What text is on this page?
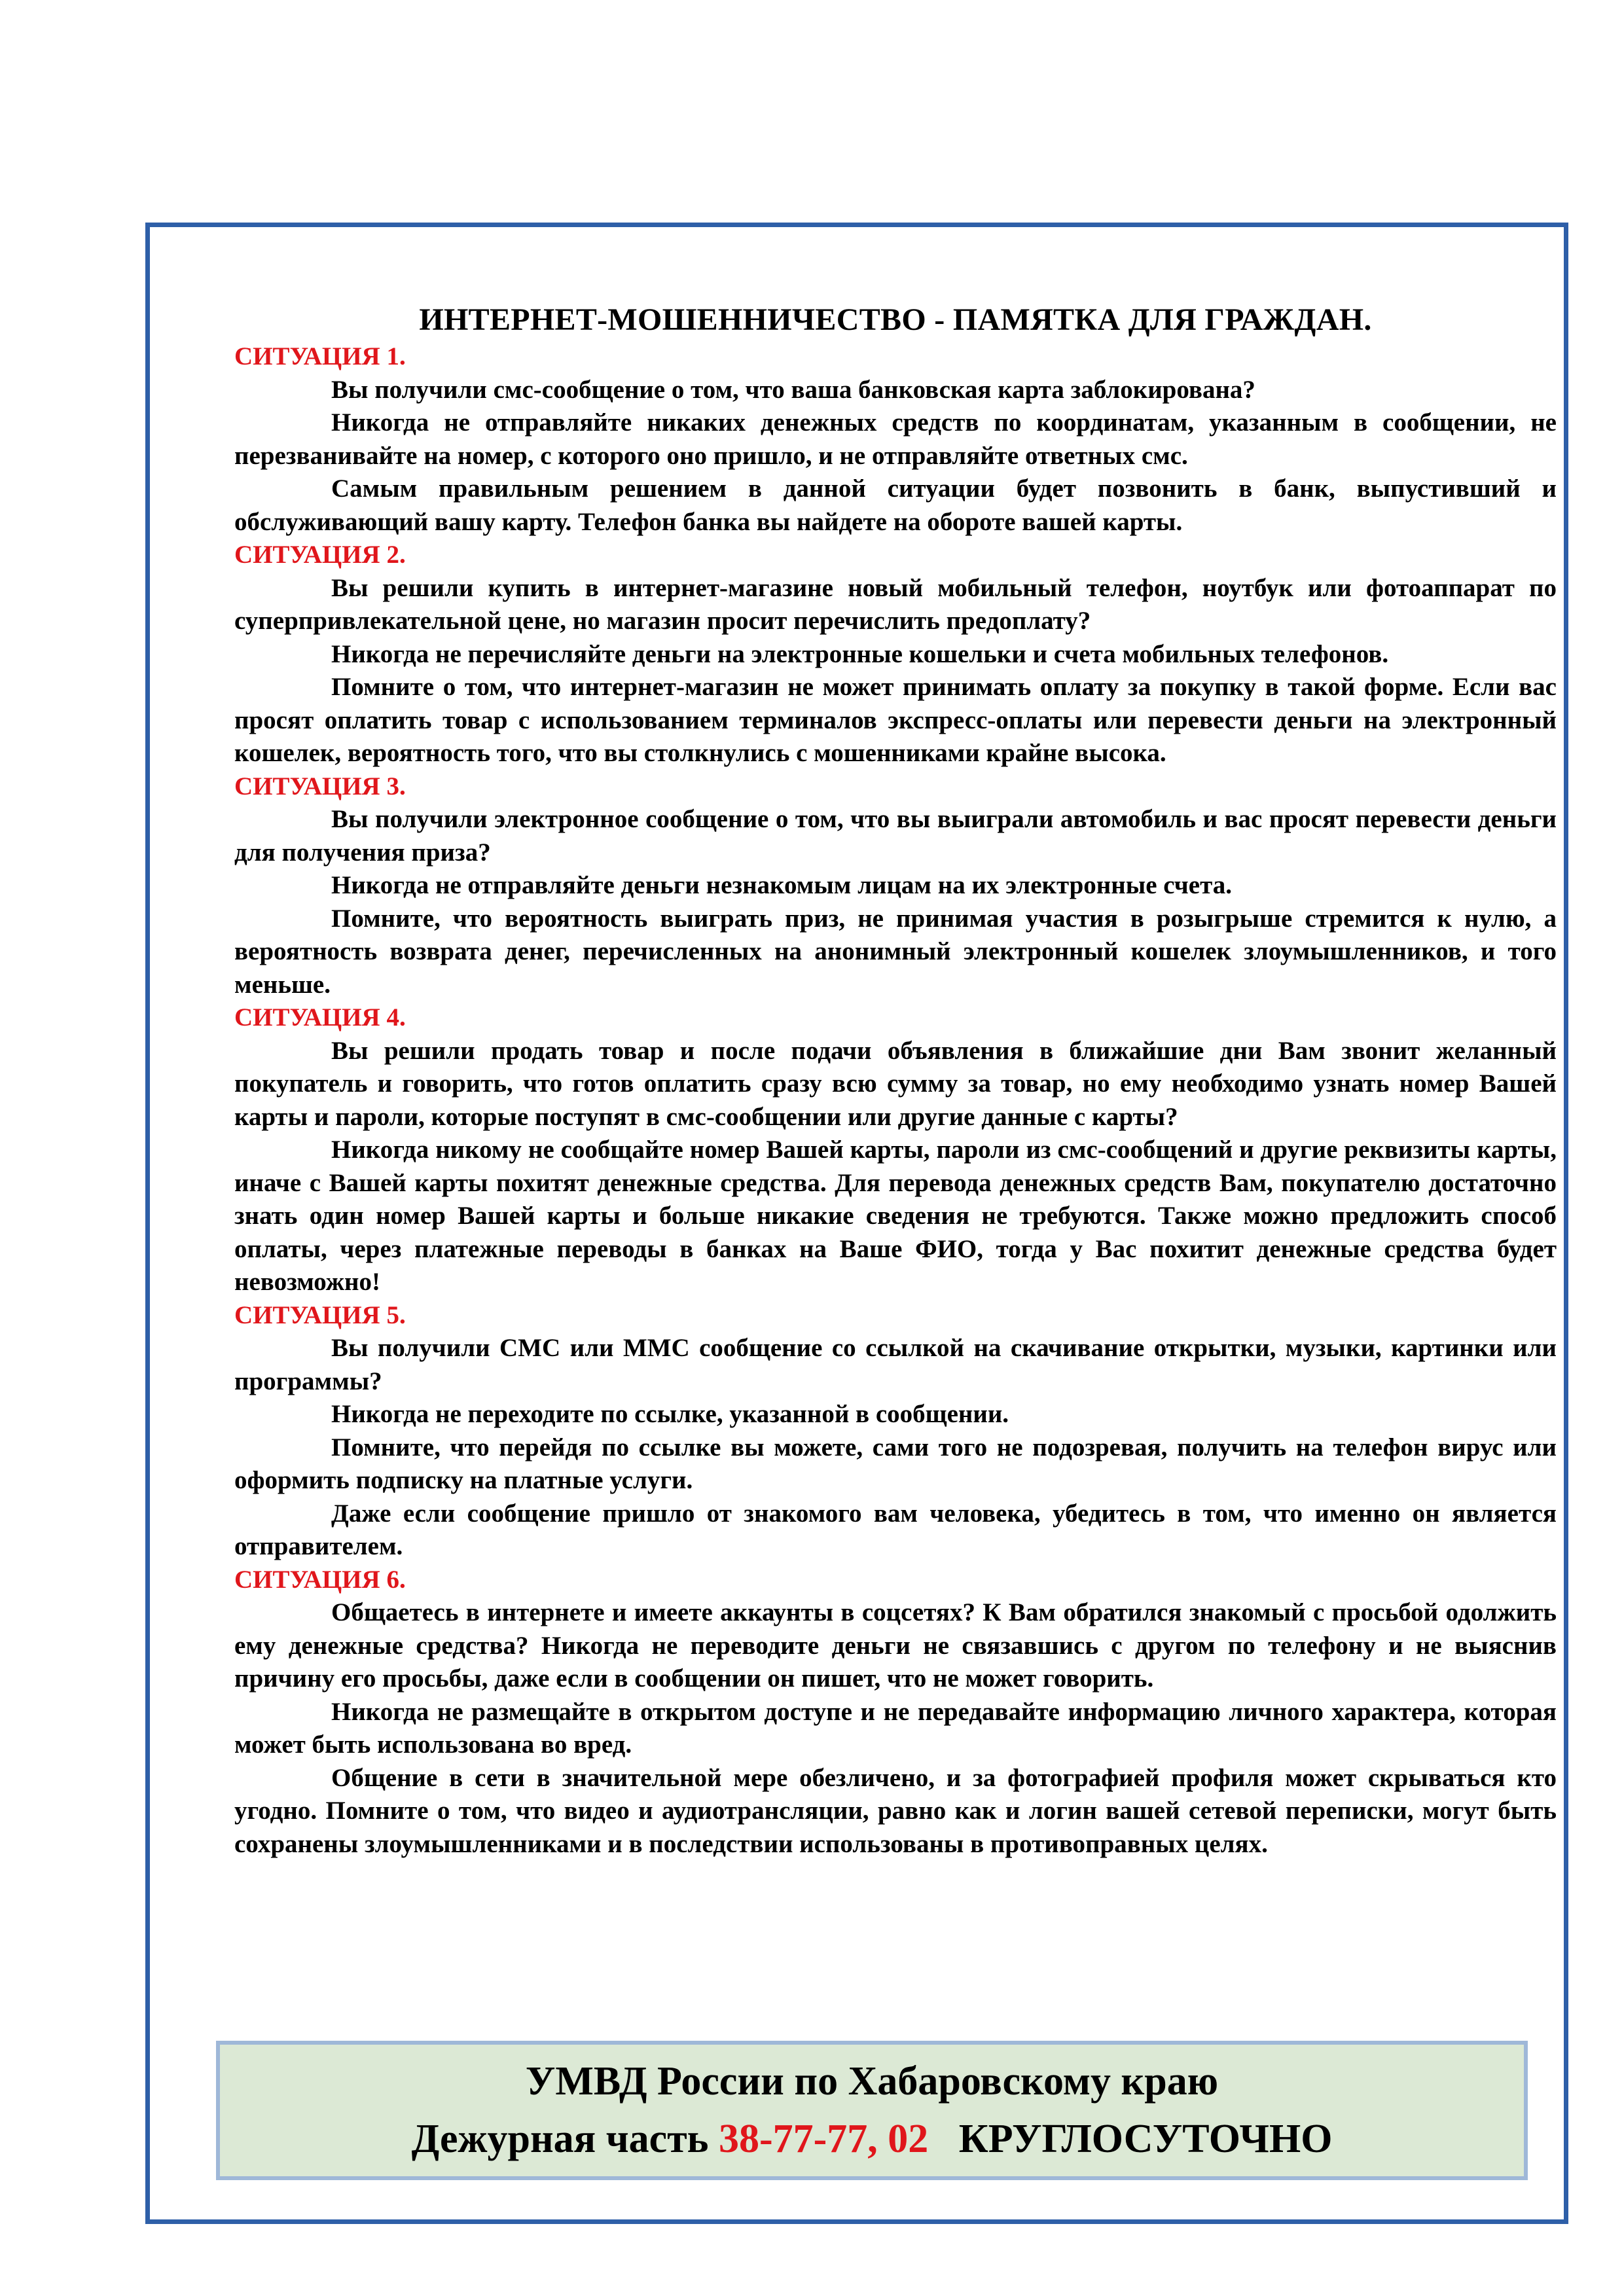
ИНТЕРНЕТ-МОШЕННИЧЕСТВО - ПАМЯТКА ДЛЯ ГРАЖДАН.
СИТУАЦИЯ 1.

Вы получили смс-сообщение о том, что ваша банковская карта заблокирована?

Никогда не отправляйте никаких денежных средств по координатам, указанным в сообщении, не перезванивайте на номер, с которого оно пришло, и не отправляйте ответных смс.

Самым правильным решением в данной ситуации будет позвонить в банк, выпустивший и обслуживающий вашу карту. Телефон банка вы найдете на обороте вашей карты.

СИТУАЦИЯ 2.

Вы решили купить в интернет-магазине новый мобильный телефон, ноутбук или фотоаппарат по суперпривлекательной цене, но магазин просит перечислить предоплату?

Никогда не перечисляйте деньги на электронные кошельки и счета мобильных телефонов.

Помните о том, что интернет-магазин не может принимать оплату за покупку в такой форме. Если вас просят оплатить товар с использованием терминалов экспресс-оплаты или перевести деньги на электронный кошелек, вероятность того, что вы столкнулись с мошенниками крайне высока.

СИТУАЦИЯ 3.

Вы получили электронное сообщение о том, что вы выиграли автомобиль и вас просят перевести деньги для получения приза?

Никогда не отправляйте деньги незнакомым лицам на их электронные счета.

Помните, что вероятность выиграть приз, не принимая участия в розыгрыше стремится к нулю, а вероятность возврата денег, перечисленных на анонимный электронный кошелек злоумышленников, и того меньше.

СИТУАЦИЯ 4.

Вы решили продать товар и после подачи объявления в ближайшие дни Вам звонит желанный покупатель и говорить, что готов оплатить сразу всю сумму за товар, но ему необходимо узнать номер Вашей карты и пароли, которые поступят в смс-сообщении или другие данные с карты?

Никогда никому не сообщайте номер Вашей карты, пароли из смс-сообщений и другие реквизиты карты, иначе с Вашей карты похитят денежные средства. Для перевода денежных средств Вам, покупателю достаточно знать один номер Вашей карты и больше никакие сведения не требуются. Также можно предложить способ оплаты, через платежные переводы в банках на Ваше ФИО, тогда у Вас похитит денежные средства будет невозможно!

СИТУАЦИЯ 5.

Вы получили СМС или ММС сообщение со ссылкой на скачивание открытки, музыки, картинки или программы?

Никогда не переходите по ссылке, указанной в сообщении.

Помните, что перейдя по ссылке вы можете, сами того не подозревая, получить на телефон вирус или оформить подписку на платные услуги.

Даже если сообщение пришло от знакомого вам человека, убедитесь в том, что именно он является отправителем.

СИТУАЦИЯ 6.

Общаетесь в интернете и имеете аккаунты в соцсетях? К Вам обратился знакомый с просьбой одолжить ему денежные средства? Никогда не переводите деньги не связавшись с другом по телефону и не выяснив причину его просьбы, даже если в сообщении он пишет, что не может говорить.

Никогда не размещайте в открытом доступе и не передавайте информацию личного характера, которая может быть использована во вред.

Общение в сети в значительной мере обезличено, и за фотографией профиля может скрываться кто угодно. Помните о том, что видео и аудиотрансляции, равно как и логин вашей сетевой переписки, могут быть сохранены злоумышленниками и в последствии использованы в противоправных целях.

УМВД России по Хабаровскому краю
Дежурная часть 38-77-77, 02   КРУГЛОСУТОЧНО
